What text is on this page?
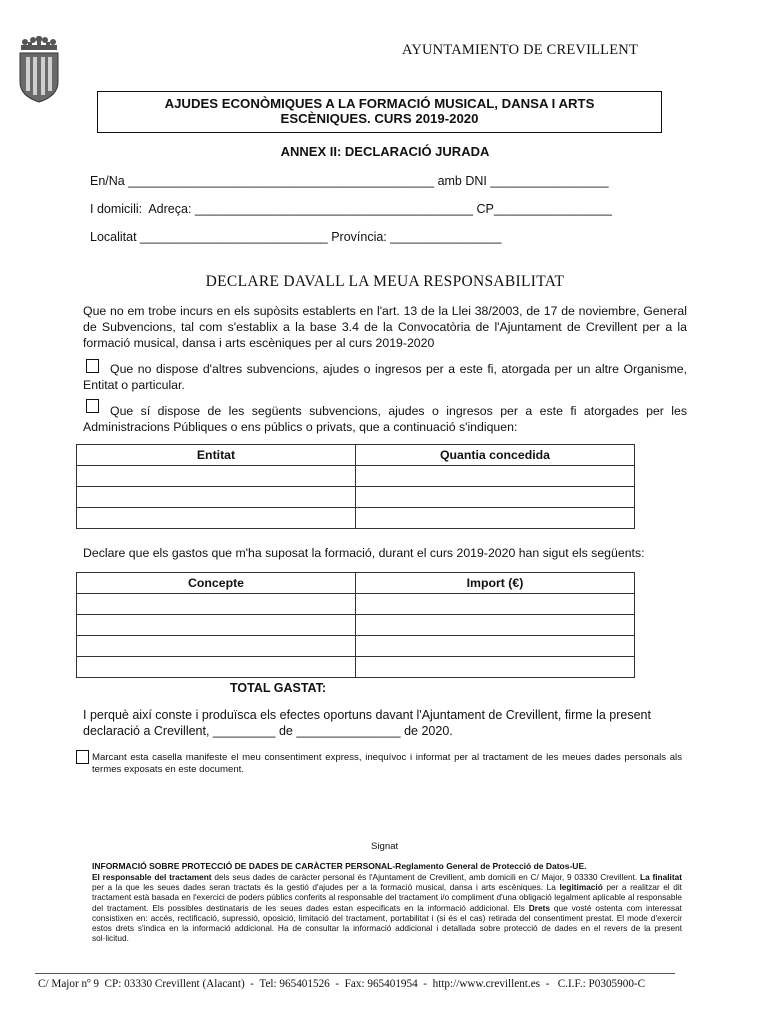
AYUNTAMIENTO DE CREVILLENT
AJUDES ECONÒMIQUES A LA FORMACIÓ MUSICAL, DANSA I ARTS
ESCÈNIQUES. CURS 2019-2020
ANNEX II: DECLARACIÓ JURADA
En/Na ____________________________________________ amb DNI _________________
I domicili:  Adreça: ________________________________________ CP_________________
Localitat ___________________________ Província: ________________
DECLARE DAVALL LA MEUA RESPONSABILITAT
Que no em trobe incurs en els supòsits establerts en l'art. 13 de la Llei 38/2003, de 17 de noviembre, General de Subvencions, tal com s'establix a la base 3.4 de la Convocatòria de l'Ajuntament de Crevillent per a la formació musical, dansa i arts escèniques per al curs 2019-2020
Que no dispose d'altres subvencions, ajudes o ingresos per a este fi, atorgada per un altre Organisme, Entitat o particular.
Que sí dispose de les següents subvencions, ajudes o ingresos per a este fi atorgades per les Administracions Públiques o ens públics o privats, que a continuació s'indiquen:
Entitat	Quantia concedida

Declare que els gastos que m'ha suposat la formació, durant el curs 2019-2020 han sigut els següents:
Concepte	Import (€)

TOTAL GASTAT:
I perquè així conste i produïsca els efectes oportuns davant l'Ajuntament de Crevillent, firme la present
declaració a Crevillent, _________ de _______________ de 2020.
Marcant esta casella manifeste el meu consentiment express, inequívoc i informat per al tractament de les meues dades personals als termes exposats en este document.
Signat
INFORMACIÓ SOBRE PROTECCIÓ DE DADES DE CARÀCTER PERSONAL-Reglamento General de Protecció de Datos-UE.
El responsable del tractament dels seus dades de caràcter personal és l'Ajuntament de Crevillent, amb domicili en C/ Major, 9 03330 Crevillent. La finalitat per a la que les seues dades seran tractats és la gestió d'ajudes per a la formació musical, dansa i arts escèniques. La legitimació per a realitzar el dit tractament està basada en l'exercici de poders públics conferits al responsable del tractament i/o compliment d'una obligació legalment aplicable al responsable del tractament. Els possibles destinataris de les seues dades estan especificats en la informació addicional. Els Drets que vosté ostenta com interessat consistixen en: accés, rectificació, supressió, oposició, limitació del tractament, portabilitat i (si és el cas) retirada del consentiment prestat. El mode d'exercir estos drets s'indica en la informació addicional. Ha de consultar la informació addicional i detallada sobre protecció de dades en el revers de la present sol·licitud.
C/ Major nº 9  CP: 03330 Crevillent (Alacant)  -  Tel: 965401526  -  Fax: 965401954  -  http://www.crevillent.es  -   C.I.F.: P0305900-C
